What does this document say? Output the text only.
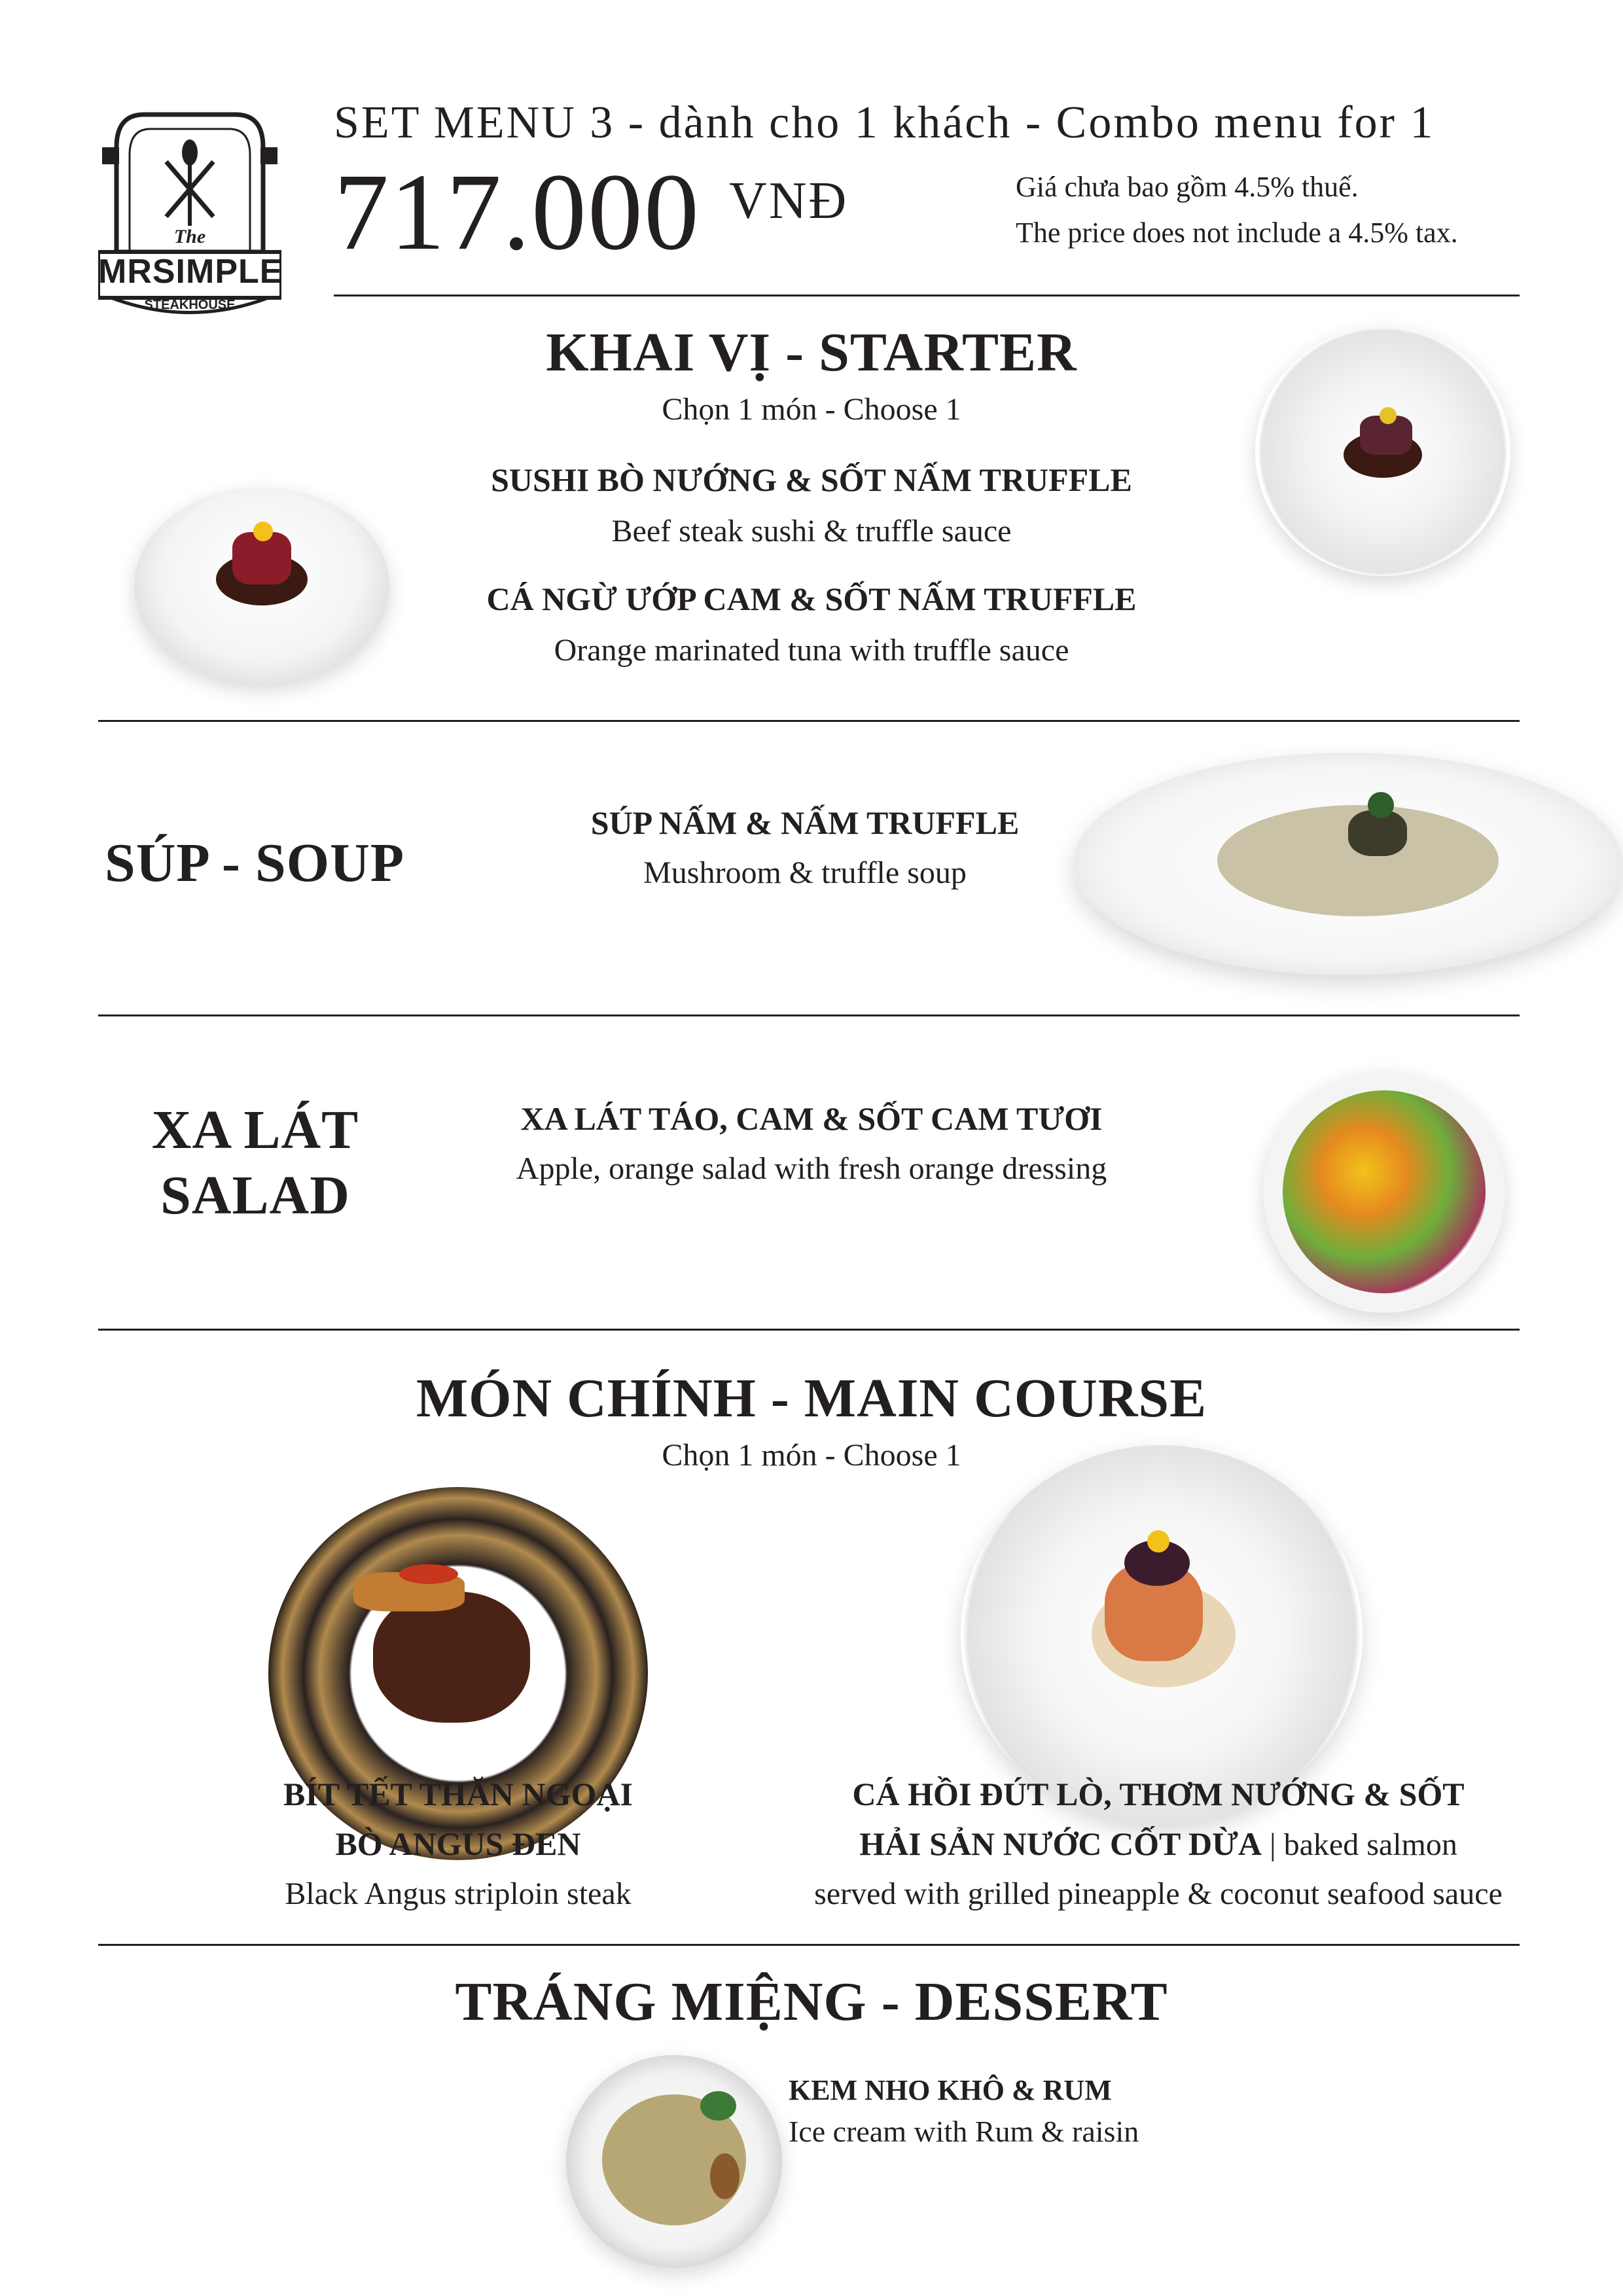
The
MRSIMPLE
STEAKHOUSE
SET MENU 3 - dành cho 1 khách - Combo menu for 1
717.000 VNĐ	Giá chưa bao gồm 4.5% thuế.
The price does not include a 4.5% tax.
KHAI VỊ - STARTER
Chọn 1 món - Choose 1
SUSHI BÒ NƯỚNG & SỐT NẤM TRUFFLE
Beef steak sushi & truffle sauce
CÁ NGỪ ƯỚP CAM & SỐT NẤM TRUFFLE
Orange marinated tuna with truffle sauce
SÚP - SOUP
SÚP NẤM & NẤM TRUFFLE
Mushroom & truffle soup
XA LÁT
SALAD
XA LÁT TÁO, CAM & SỐT CAM TƯƠI
Apple, orange salad with fresh orange dressing
MÓN CHÍNH - MAIN COURSE
Chọn 1 món - Choose 1
BÍT TẾT THĂN NGOẠI
BÒ ANGUS ĐEN
Black Angus striploin steak
CÁ HỒI ĐÚT LÒ, THƠM NƯỚNG & SỐT
HẢI SẢN NƯỚC CỐT DỪA | baked salmon
served with grilled pineapple & coconut seafood sauce
TRÁNG MIỆNG - DESSERT
KEM NHO KHÔ & RUM
Ice cream with Rum & raisin
